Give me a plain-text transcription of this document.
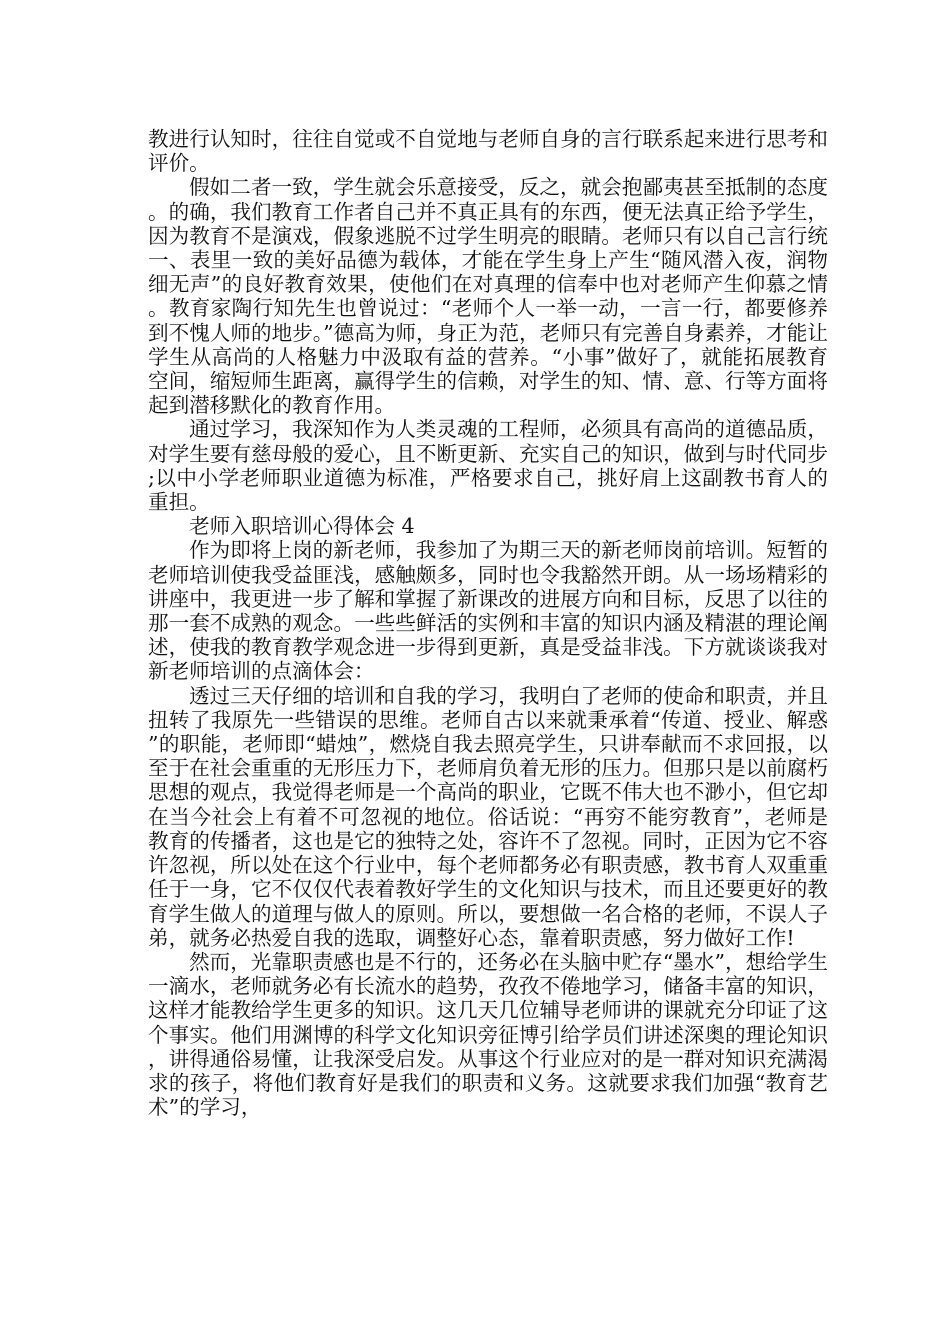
教进行认知时，往往自觉或不自觉地与老师自身的言行联系起来进行思考和评价。

假如二者一致，学生就会乐意接受，反之，就会抱鄙夷甚至抵制的态度。的确，我们教育工作者自己并不真正具有的东西，便无法真正给予学生，因为教育不是演戏，假象逃脱不过学生明亮的眼睛。老师只有以自己言行统一、表里一致的美好品德为载体，才能在学生身上产生“随风潜入夜，润物细无声”的良好教育效果，使他们在对真理的信奉中也对老师产生仰慕之情。教育家陶行知先生也曾说过：“老师个人一举一动，一言一行，都要修养到不愧人师的地步。”德高为师，身正为范，老师只有完善自身素养，才能让学生从高尚的人格魅力中汲取有益的营养。“小事”做好了，就能拓展教育空间，缩短师生距离，赢得学生的信赖，对学生的知、情、意、行等方面将起到潜移默化的教育作用。

通过学习，我深知作为人类灵魂的工程师，必须具有高尚的道德品质，对学生要有慈母般的爱心，且不断更新、充实自己的知识，做到与时代同步;以中小学老师职业道德为标准，严格要求自己，挑好肩上这副教书育人的重担。

老师入职培训心得体会 4

作为即将上岗的新老师，我参加了为期三天的新老师岗前培训。短暂的老师培训使我受益匪浅，感触颇多，同时也令我豁然开朗。从一场场精彩的讲座中，我更进一步了解和掌握了新课改的进展方向和目标，反思了以往的那一套不成熟的观念。一些些鲜活的实例和丰富的知识内涵及精湛的理论阐述，使我的教育教学观念进一步得到更新，真是受益非浅。下方就谈谈我对新老师培训的点滴体会：

透过三天仔细的培训和自我的学习，我明白了老师的使命和职责，并且扭转了我原先一些错误的思维。老师自古以来就秉承着“传道、授业、解惑”的职能，老师即“蜡烛”，燃烧自我去照亮学生，只讲奉献而不求回报，以至于在社会重重的无形压力下，老师肩负着无形的压力。但那只是以前腐朽思想的观点，我觉得老师是一个高尚的职业，它既不伟大也不渺小，但它却在当今社会上有着不可忽视的地位。俗话说：“再穷不能穷教育”，老师是教育的传播者，这也是它的独特之处，容许不了忽视。同时，正因为它不容许忽视，所以处在这个行业中，每个老师都务必有职责感，教书育人双重重任于一身，它不仅仅代表着教好学生的文化知识与技术，而且还要更好的教育学生做人的道理与做人的原则。所以，要想做一名合格的老师，不误人子弟，就务必热爱自我的选取，调整好心态，靠着职责感，努力做好工作!

然而，光靠职责感也是不行的，还务必在头脑中贮存“墨水”，想给学生一滴水，老师就务必有长流水的趋势，孜孜不倦地学习，储备丰富的知识，这样才能教给学生更多的知识。这几天几位辅导老师讲的课就充分印证了这个事实。他们用渊博的科学文化知识旁征博引给学员们讲述深奥的理论知识，讲得通俗易懂，让我深受启发。从事这个行业应对的是一群对知识充满渴求的孩子，将他们教育好是我们的职责和义务。这就要求我们加强“教育艺术”的学习，
